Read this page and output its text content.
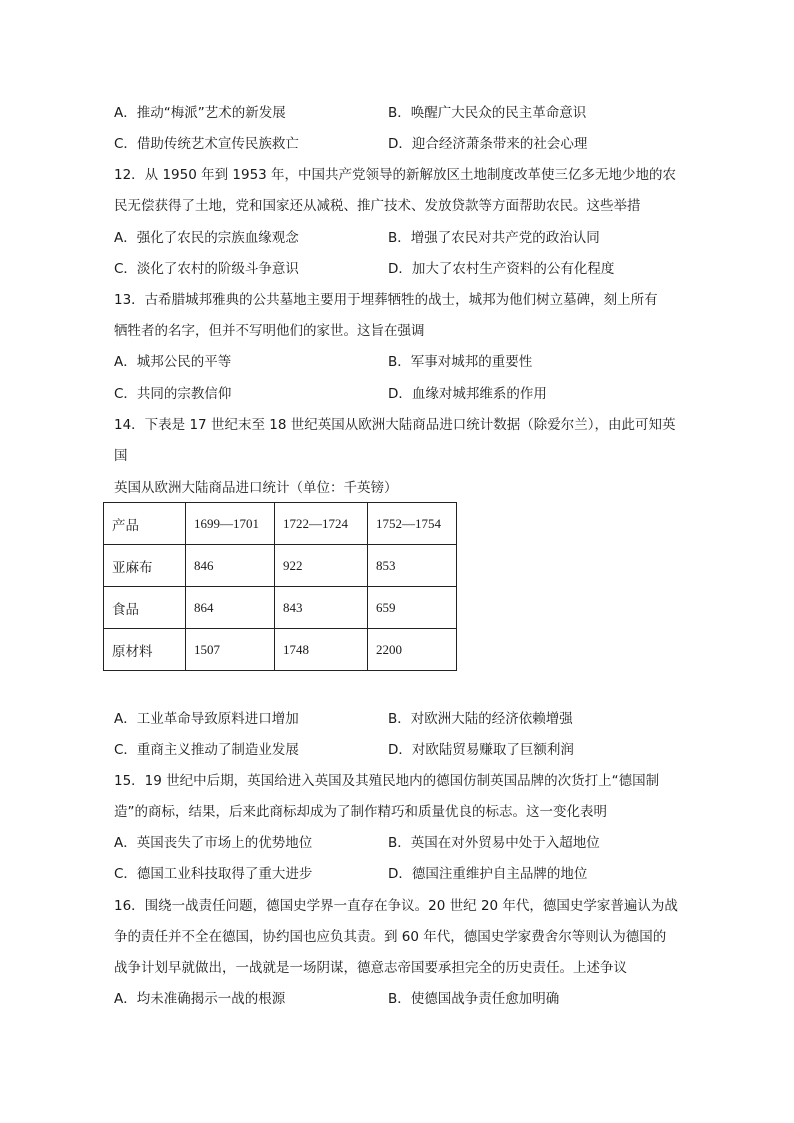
A．推动“梅派”艺术的新发展	B．唤醒广大民众的民主革命意识
C．借助传统艺术宣传民族救亡	D．迎合经济萧条带来的社会心理
12．从 1950 年到 1953 年，中国共产党领导的新解放区土地制度改革使三亿多无地少地的农
民无偿获得了土地，党和国家还从减税、推广技术、发放贷款等方面帮助农民。这些举措
A．强化了农民的宗族血缘观念	B．增强了农民对共产党的政治认同
C．淡化了农村的阶级斗争意识	D．加大了农村生产资料的公有化程度
13．古希腊城邦雅典的公共墓地主要用于埋葬牺牲的战士，城邦为他们树立墓碑，刻上所有
牺牲者的名字，但并不写明他们的家世。这旨在强调
A．城邦公民的平等	B．军事对城邦的重要性
C．共同的宗教信仰	D．血缘对城邦维系的作用
14．下表是 17 世纪末至 18 世纪英国从欧洲大陆商品进口统计数据（除爱尔兰），由此可知英
国
英国从欧洲大陆商品进口统计（单位：千英镑）
产品	1699—1701	1722—1724	1752—1754
亚麻布	846	922	853
食品	864	843	659
原材料	1507	1748	2200
A．工业革命导致原料进口增加	B．对欧洲大陆的经济依赖增强
C．重商主义推动了制造业发展	D．对欧陆贸易赚取了巨额利润
15．19 世纪中后期，英国给进入英国及其殖民地内的德国仿制英国品牌的次货打上“德国制
造”的商标，结果，后来此商标却成为了制作精巧和质量优良的标志。这一变化表明
A．英国丧失了市场上的优势地位	B．英国在对外贸易中处于入超地位
C．德国工业科技取得了重大进步	D．德国注重维护自主品牌的地位
16．围绕一战责任问题，德国史学界一直存在争议。20 世纪 20 年代，德国史学家普遍认为战
争的责任并不全在德国，协约国也应负其责。到 60 年代，德国史学家费舍尔等则认为德国的
战争计划早就做出，一战就是一场阴谋，德意志帝国要承担完全的历史责任。上述争议
A．均未准确揭示一战的根源	B．使德国战争责任愈加明确
